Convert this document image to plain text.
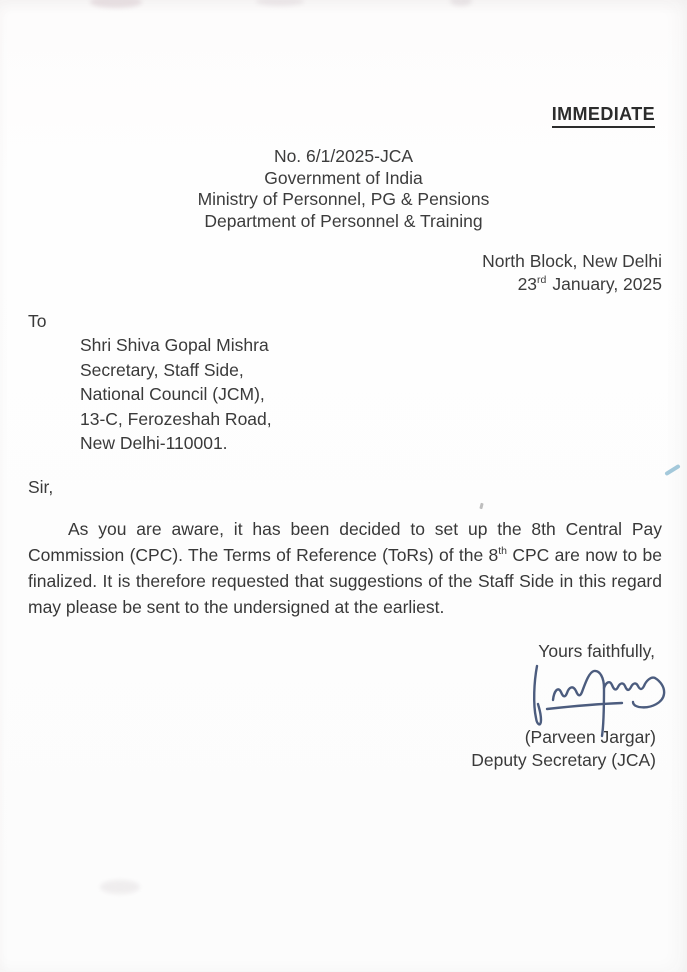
IMMEDIATE
No. 6/1/2025-JCA
Government of India
Ministry of Personnel, PG & Pensions
Department of Personnel & Training
North Block, New Delhi
23rd January, 2025
To
Shri Shiva Gopal Mishra
Secretary, Staff Side,
National Council (JCM),
13-C, Ferozeshah Road,
New Delhi-110001.
Sir,

As you are aware, it has been decided to set up the 8th Central Pay Commission (CPC). The Terms of Reference (ToRs) of the 8th CPC are now to be finalized. It is therefore requested that suggestions of the Staff Side in this regard may please be sent to the undersigned at the earliest.

Yours faithfully,
(Parveen Jargar)
Deputy Secretary (JCA)
